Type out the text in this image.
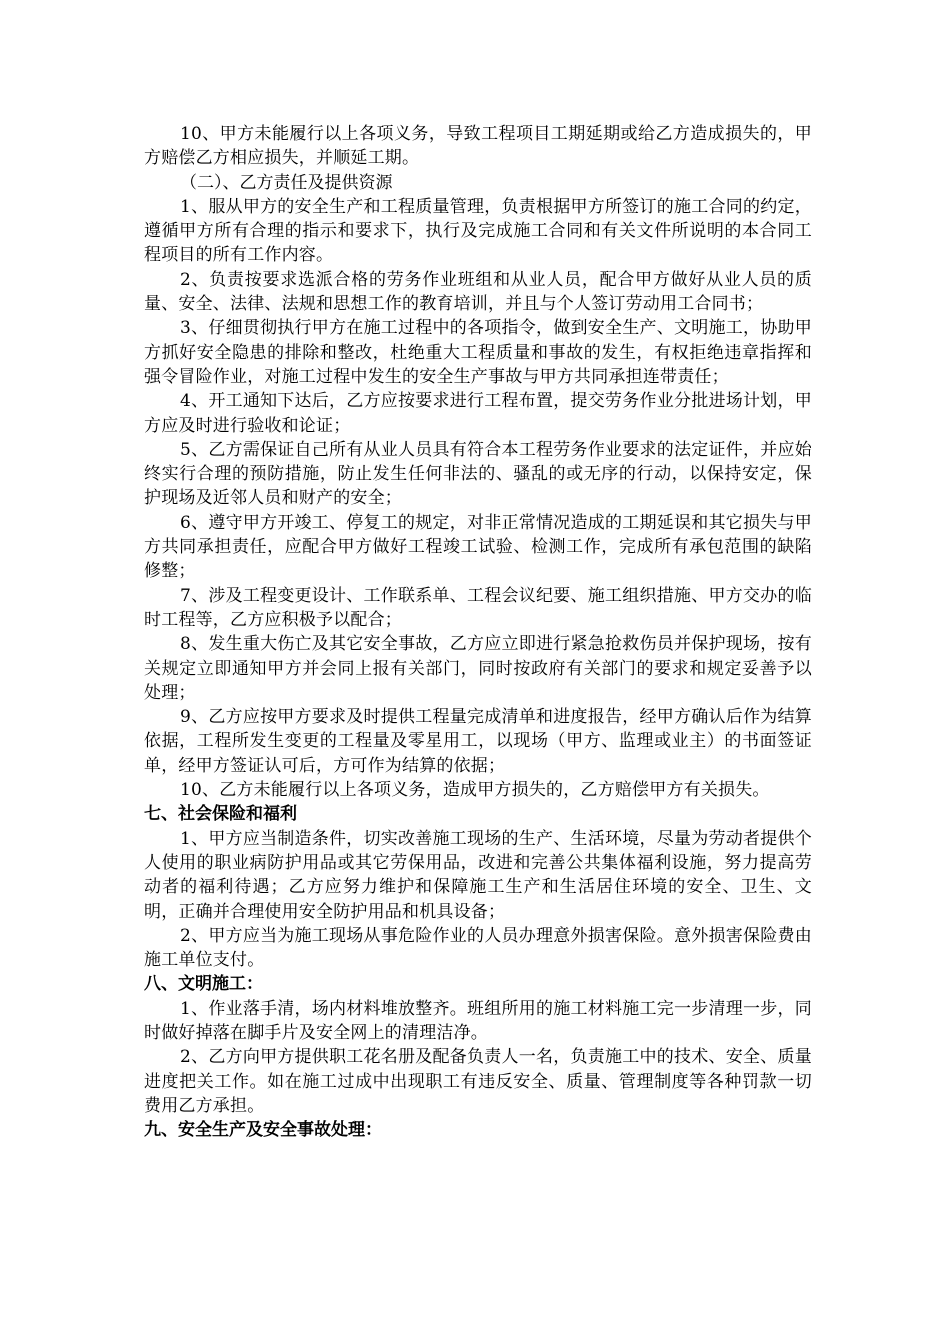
10、甲方未能履行以上各项义务，导致工程项目工期延期或给乙方造成损失的，甲方赔偿乙方相应损失，并顺延工期。

（二）、乙方责任及提供资源

1、服从甲方的安全生产和工程质量管理，负责根据甲方所签订的施工合同的约定，遵循甲方所有合理的指示和要求下，执行及完成施工合同和有关文件所说明的本合同工程项目的所有工作内容。

2、负责按要求选派合格的劳务作业班组和从业人员，配合甲方做好从业人员的质量、安全、法律、法规和思想工作的教育培训，并且与个人签订劳动用工合同书；

3、仔细贯彻执行甲方在施工过程中的各项指令，做到安全生产、文明施工，协助甲方抓好安全隐患的排除和整改，杜绝重大工程质量和事故的发生，有权拒绝违章指挥和强令冒险作业，对施工过程中发生的安全生产事故与甲方共同承担连带责任；

4、开工通知下达后，乙方应按要求进行工程布置，提交劳务作业分批进场计划，甲方应及时进行验收和论证；

5、乙方需保证自己所有从业人员具有符合本工程劳务作业要求的法定证件，并应始终实行合理的预防措施，防止发生任何非法的、骚乱的或无序的行动，以保持安定，保护现场及近邻人员和财产的安全；

6、遵守甲方开竣工、停复工的规定，对非正常情况造成的工期延误和其它损失与甲方共同承担责任，应配合甲方做好工程竣工试验、检测工作，完成所有承包范围的缺陷修整；

7、涉及工程变更设计、工作联系单、工程会议纪要、施工组织措施、甲方交办的临时工程等，乙方应积极予以配合；

8、发生重大伤亡及其它安全事故，乙方应立即进行紧急抢救伤员并保护现场，按有关规定立即通知甲方并会同上报有关部门，同时按政府有关部门的要求和规定妥善予以处理；

9、乙方应按甲方要求及时提供工程量完成清单和进度报告，经甲方确认后作为结算依据，工程所发生变更的工程量及零星用工，以现场（甲方、监理或业主）的书面签证单，经甲方签证认可后，方可作为结算的依据；

10、乙方未能履行以上各项义务，造成甲方损失的，乙方赔偿甲方有关损失。

七、社会保险和福利

1、甲方应当制造条件，切实改善施工现场的生产、生活环境，尽量为劳动者提供个人使用的职业病防护用品或其它劳保用品，改进和完善公共集体福利设施，努力提高劳动者的福利待遇；乙方应努力维护和保障施工生产和生活居住环境的安全、卫生、文明，正确并合理使用安全防护用品和机具设备；

2、甲方应当为施工现场从事危险作业的人员办理意外损害保险。意外损害保险费由施工单位支付。

八、文明施工：

1、作业落手清，场内材料堆放整齐。班组所用的施工材料施工完一步清理一步，同时做好掉落在脚手片及安全网上的清理洁净。

2、乙方向甲方提供职工花名册及配备负责人一名，负责施工中的技术、安全、质量进度把关工作。如在施工过成中出现职工有违反安全、质量、管理制度等各种罚款一切费用乙方承担。

九、安全生产及安全事故处理：
